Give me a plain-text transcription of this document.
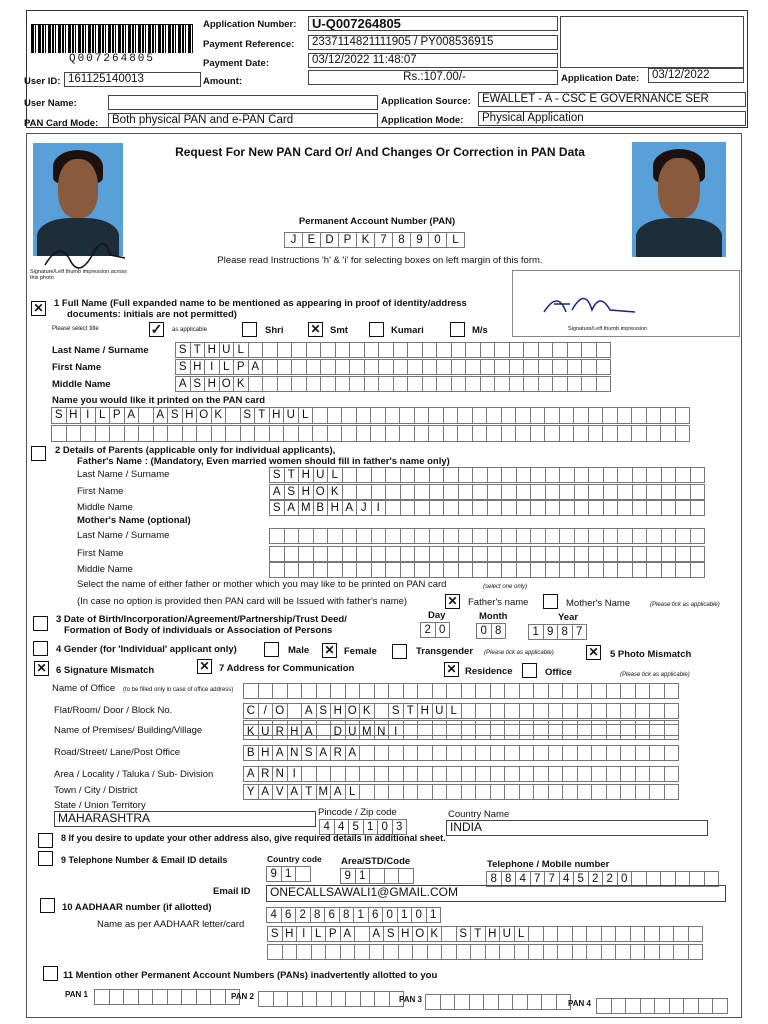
Q007264805
Application Number:	U-Q007264805
Payment Reference:	2337114821111905 / PY008536915
Payment Date:	03/12/2022 11:48:07
User ID: 161125140013	Amount:	Rs.:107.00/-	Application Date:	03/12/2022
User Name:	Application Source: EWALLET - A - CSC E GOVERNANCE SER
PAN Card Mode:	Both physical PAN and e-PAN Card	Application Mode:	Physical Application
Signature/Left thumb impression across this photo
Request For New PAN Card Or/ And Changes Or Correction in PAN Data
Permanent Account Number (PAN)
J E D P K 7	8	9	0	L
Please read Instructions 'h' & 'i' for selecting boxes on left margin of this form.
Signature/Left thumb impression
✕ 1 Full Name (Full expanded name to be mentioned as appearing in proof of identity/address
documents: initials are not permitted)
Please select title	✓ as applicable	Shri ✕ Smt	Kumari	M/s
Last Name / Surname	S T H U L
First Name	S H I L P A
Middle Name	A S H O K
Name you would like it printed on the PAN card
S H I L P A	A S H O K	S T H U L
2 Details of Parents (applicable only for individual applicants),
Father's Name : (Mandatory, Even married women should fill in father's name only)
Last Name / Surname	S T H U L
First Name	A S H O K
Middle Name	S A M B H A J I
Mother's Name (optional)
Last Name / Surname
First Name
Middle Name
Select the name of either father or mother which you may like to be printed on PAN card	(select one only)
(In case no option is provided then PAN card will be Issued with father's name)	✕ Father's name	Mother's Name	(Please tick as applicable)
3 Date of Birth/Incorporation/Agreement/Partnership/Trust Deed/
Formation of Body of individuals or Association of Persons
Day	Month	Year
2 0	0 8	1 9 8 7
4 Gender (for 'Individual' applicant only)	Male ✕ Female	Transgender (Please tick as applicable)	✕ 5 Photo Mismatch
✕ 6 Signature Mismatch	✕ 7 Address for Communication	✕ Residence	Office	(Please tick as applicable)
Name of Office (to be filled only in case of office address)
Flat/Room/ Door / Block No.	C / O	A S H O K	S T H U L
Name of Premises/ Building/Village	K U R H A	D U M N I
Road/Street/ Lane/Post Office	B H A N S A R A
Area / Locality / Taluka / Sub- Division	A R N I
Town / City / District	Y A V A T M A L
State / Union Territory
MAHARASHTRA	Pincode / Zip code
4 4 5 1 0 3
Country Name
INDIA
8 If you desire to update your other address also, give required details in additional sheet.
9 Telephone Number & Email ID details	Country code
9 1
Area/STD/Code
9 1
Telephone / Mobile number
8 8 4 7 7 4 5 2 2 0
Email ID	ONECALLSAWALI1@GMAIL.COM
10 AADHAAR number (if allotted)
Name as per AADHAAR letter/card
4 6 2 8 6 8 1 6 0 1 0 1
S H I L P A	A S H O K	S T H U L
11 Mention other Permanent Account Numbers (PANs) inadvertently allotted to you
PAN 1	PAN 2	PAN 3	PAN 4
